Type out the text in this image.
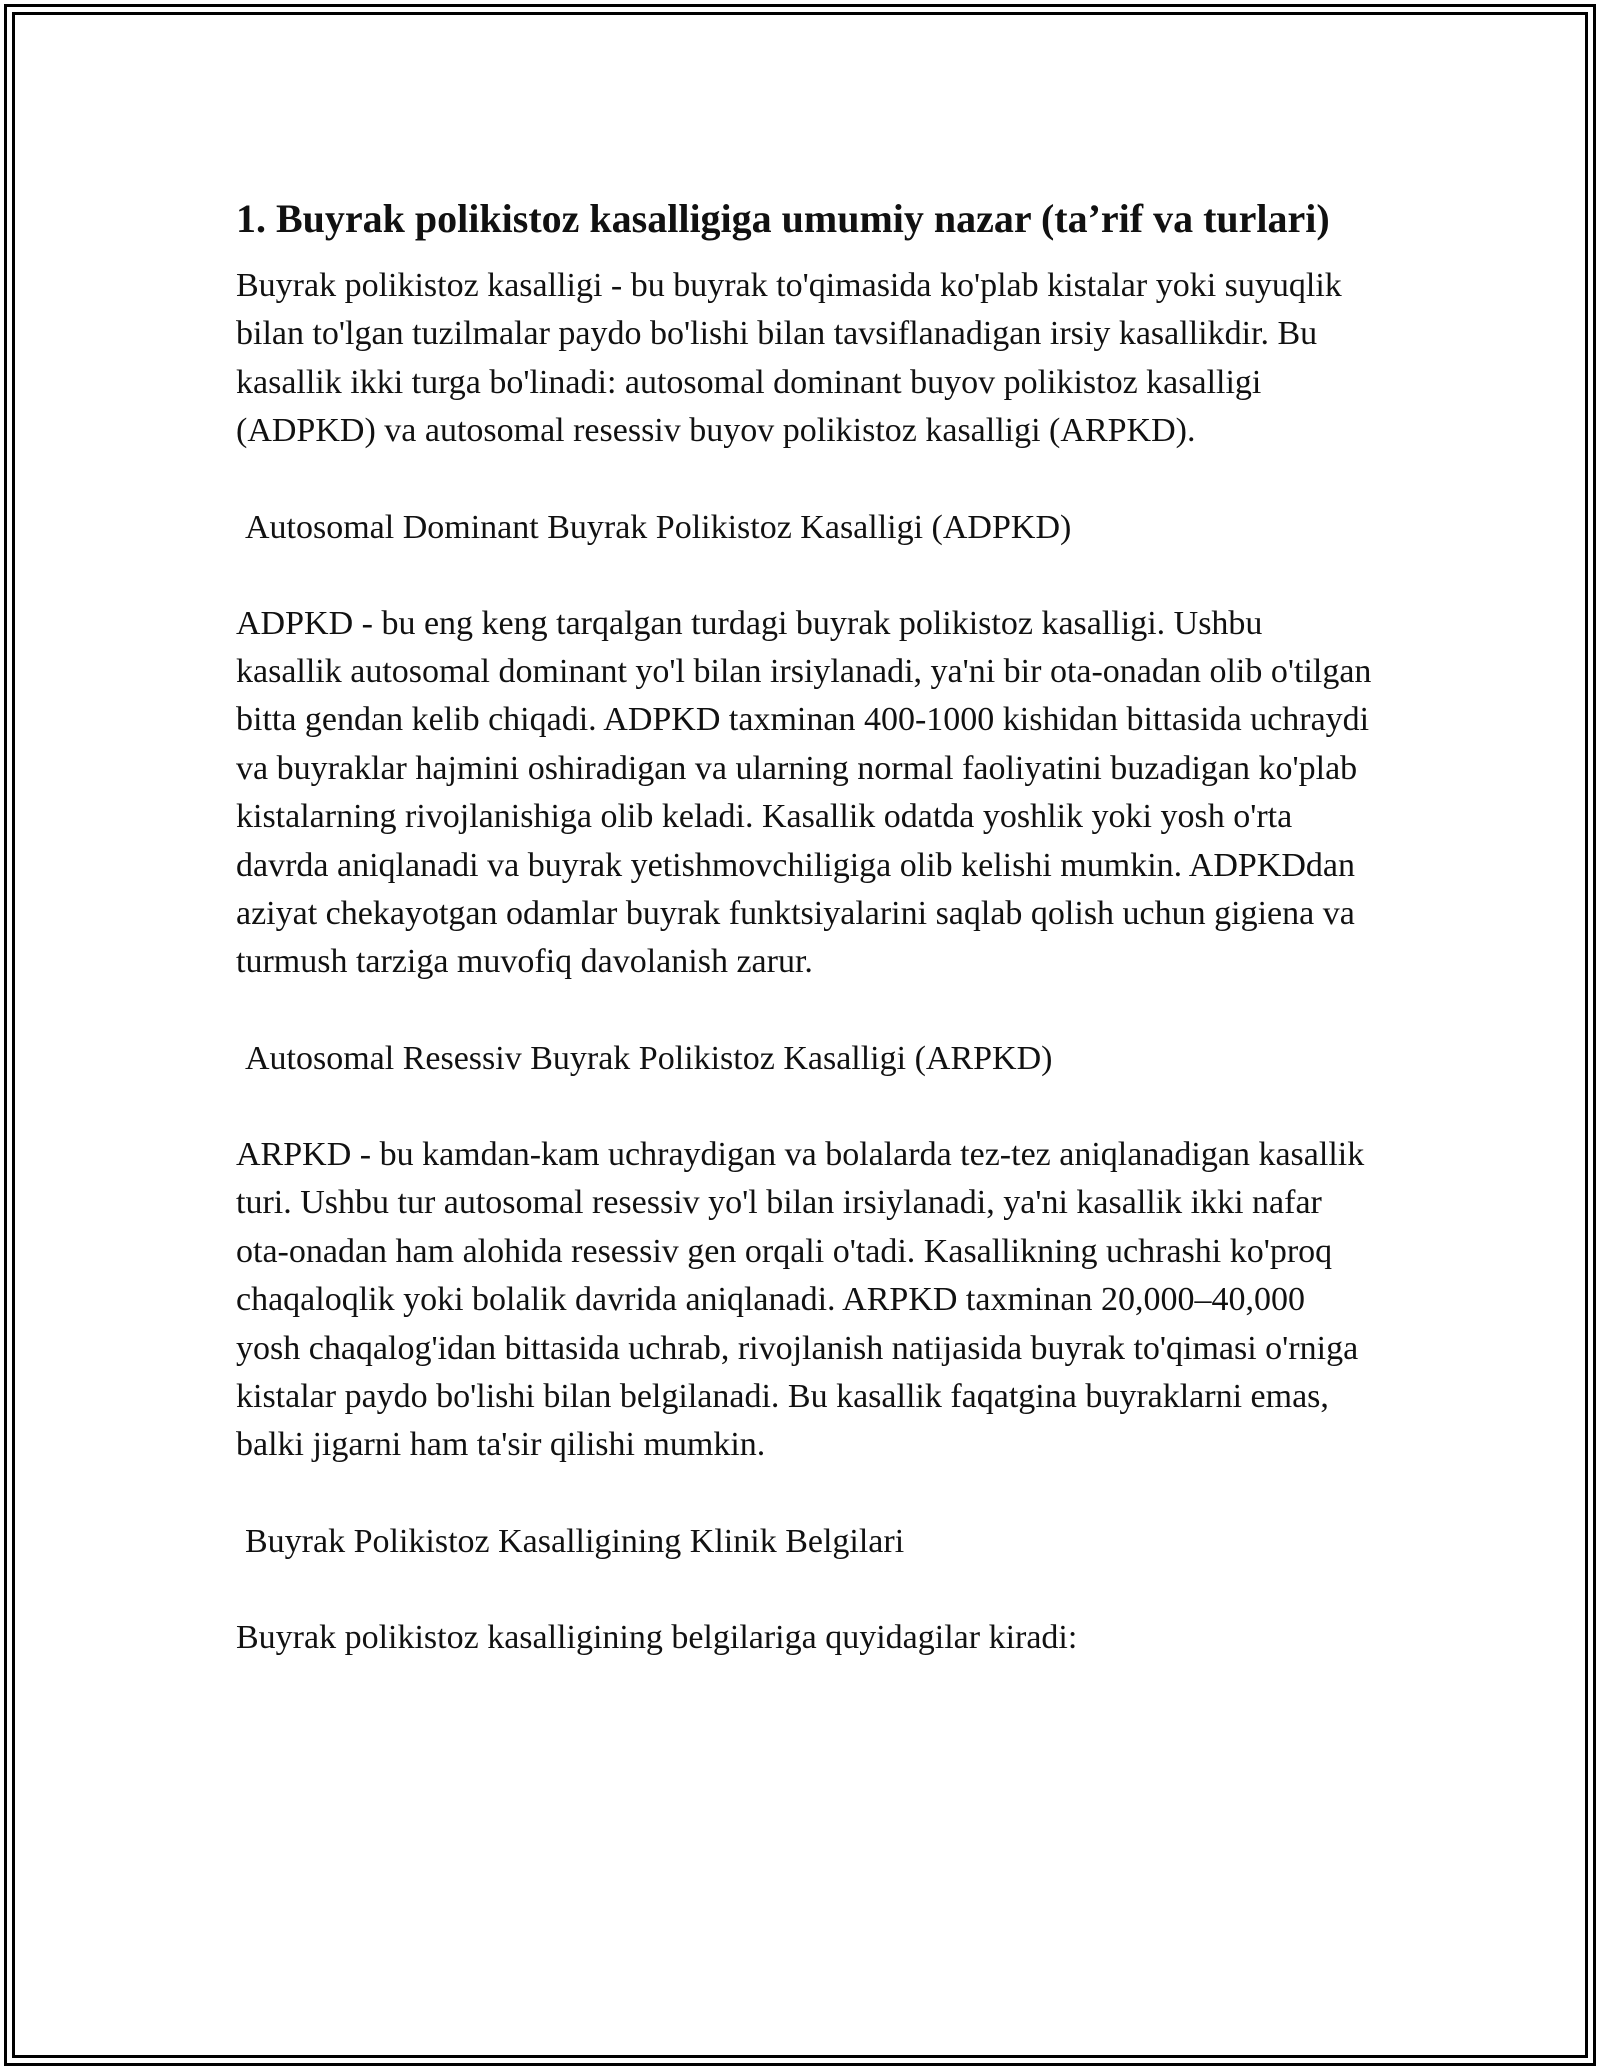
1. Buyrak polikistoz kasalligiga umumiy nazar (ta’rif va turlari)

Buyrak polikistoz kasalligi - bu buyrak to'qimasida ko'plab kistalar yoki suyuqlik bilan to'lgan tuzilmalar paydo bo'lishi bilan tavsiflanadigan irsiy kasallikdir. Bu kasallik ikki turga bo'linadi: autosomal dominant buyov polikistoz kasalligi (ADPKD) va autosomal resessiv buyov polikistoz kasalligi (ARPKD).

Autosomal Dominant Buyrak Polikistoz Kasalligi (ADPKD)

ADPKD - bu eng keng tarqalgan turdagi buyrak polikistoz kasalligi. Ushbu kasallik autosomal dominant yo'l bilan irsiylanadi, ya'ni bir ota-onadan olib o'tilgan bitta gendan kelib chiqadi. ADPKD taxminan 400-1000 kishidan bittasida uchraydi va buyraklar hajmini oshiradigan va ularning normal faoliyatini buzadigan ko'plab kistalarning rivojlanishiga olib keladi. Kasallik odatda yoshlik yoki yosh o'rta davrda aniqlanadi va buyrak yetishmovchiligiga olib kelishi mumkin. ADPKDdan aziyat chekayotgan odamlar buyrak funktsiyalarini saqlab qolish uchun gigiena va turmush tarziga muvofiq davolanish zarur.

Autosomal Resessiv Buyrak Polikistoz Kasalligi (ARPKD)

ARPKD - bu kamdan-kam uchraydigan va bolalarda tez-tez aniqlanadigan kasallik turi. Ushbu tur autosomal resessiv yo'l bilan irsiylanadi, ya'ni kasallik ikki nafar ota-onadan ham alohida resessiv gen orqali o'tadi. Kasallikning uchrashi ko'proq chaqaloqlik yoki bolalik davrida aniqlanadi. ARPKD taxminan 20,000–40,000 yosh chaqalog'idan bittasida uchrab, rivojlanish natijasida buyrak to'qimasi o'rniga kistalar paydo bo'lishi bilan belgilanadi. Bu kasallik faqatgina buyraklarni emas, balki jigarni ham ta'sir qilishi mumkin.

Buyrak Polikistoz Kasalligining Klinik Belgilari

Buyrak polikistoz kasalligining belgilariga quyidagilar kiradi:
